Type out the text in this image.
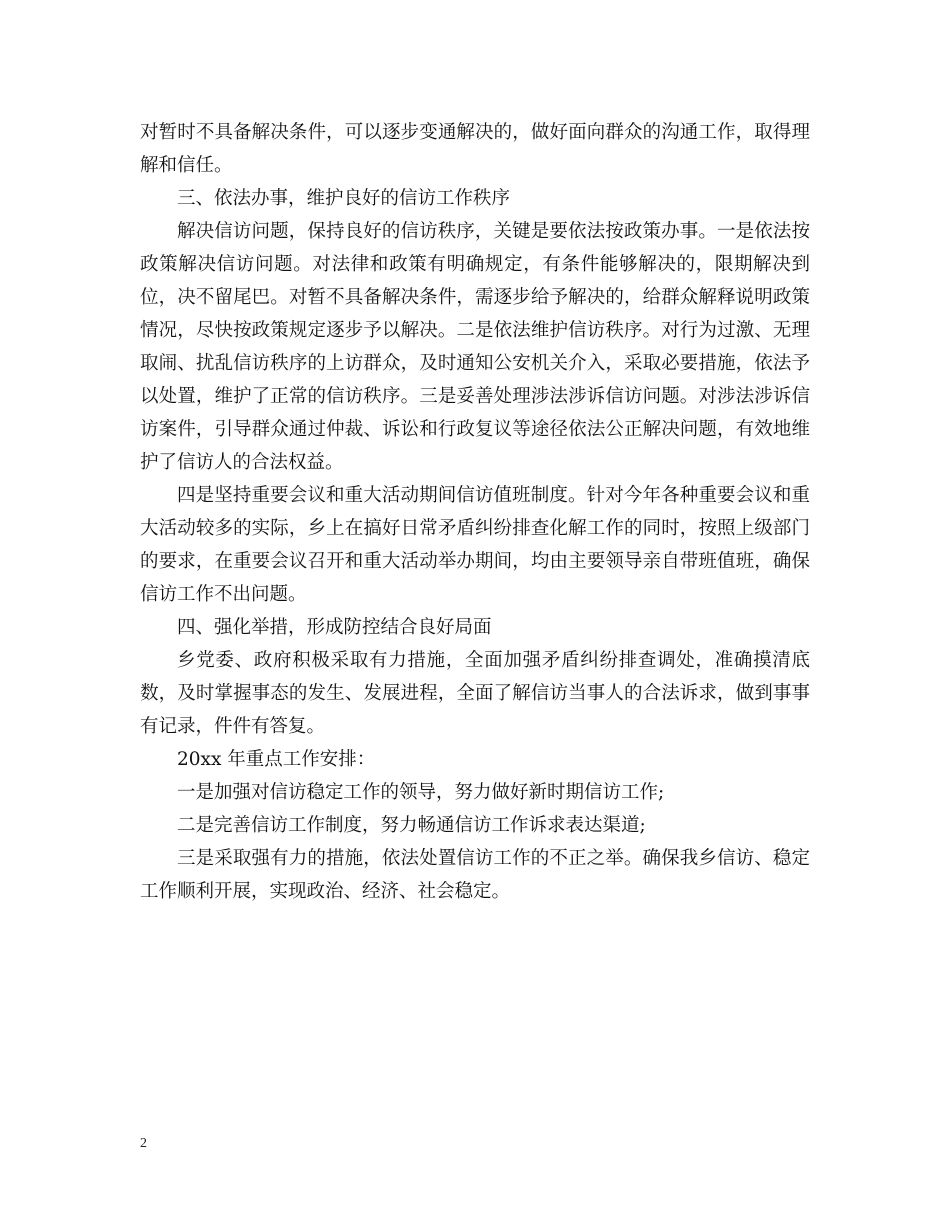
对暂时不具备解决条件，可以逐步变通解决的，做好面向群众的沟通工作，取得理解和信任。

三、依法办事，维护良好的信访工作秩序

解决信访问题，保持良好的信访秩序，关键是要依法按政策办事。一是依法按政策解决信访问题。对法律和政策有明确规定，有条件能够解决的，限期解决到位，决不留尾巴。对暂不具备解决条件，需逐步给予解决的，给群众解释说明政策情况，尽快按政策规定逐步予以解决。二是依法维护信访秩序。对行为过激、无理取闹、扰乱信访秩序的上访群众，及时通知公安机关介入，采取必要措施，依法予以处置，维护了正常的信访秩序。三是妥善处理涉法涉诉信访问题。对涉法涉诉信访案件，引导群众通过仲裁、诉讼和行政复议等途径依法公正解决问题，有效地维护了信访人的合法权益。

四是坚持重要会议和重大活动期间信访值班制度。针对今年各种重要会议和重大活动较多的实际，乡上在搞好日常矛盾纠纷排查化解工作的同时，按照上级部门的要求，在重要会议召开和重大活动举办期间，均由主要领导亲自带班值班，确保信访工作不出问题。

四、强化举措，形成防控结合良好局面

乡党委、政府积极采取有力措施，全面加强矛盾纠纷排查调处，准确摸清底数，及时掌握事态的发生、发展进程，全面了解信访当事人的合法诉求，做到事事有记录，件件有答复。

20xx 年重点工作安排：

一是加强对信访稳定工作的领导，努力做好新时期信访工作;

二是完善信访工作制度，努力畅通信访工作诉求表达渠道;

三是采取强有力的措施，依法处置信访工作的不正之举。确保我乡信访、稳定工作顺利开展，实现政治、经济、社会稳定。

2
